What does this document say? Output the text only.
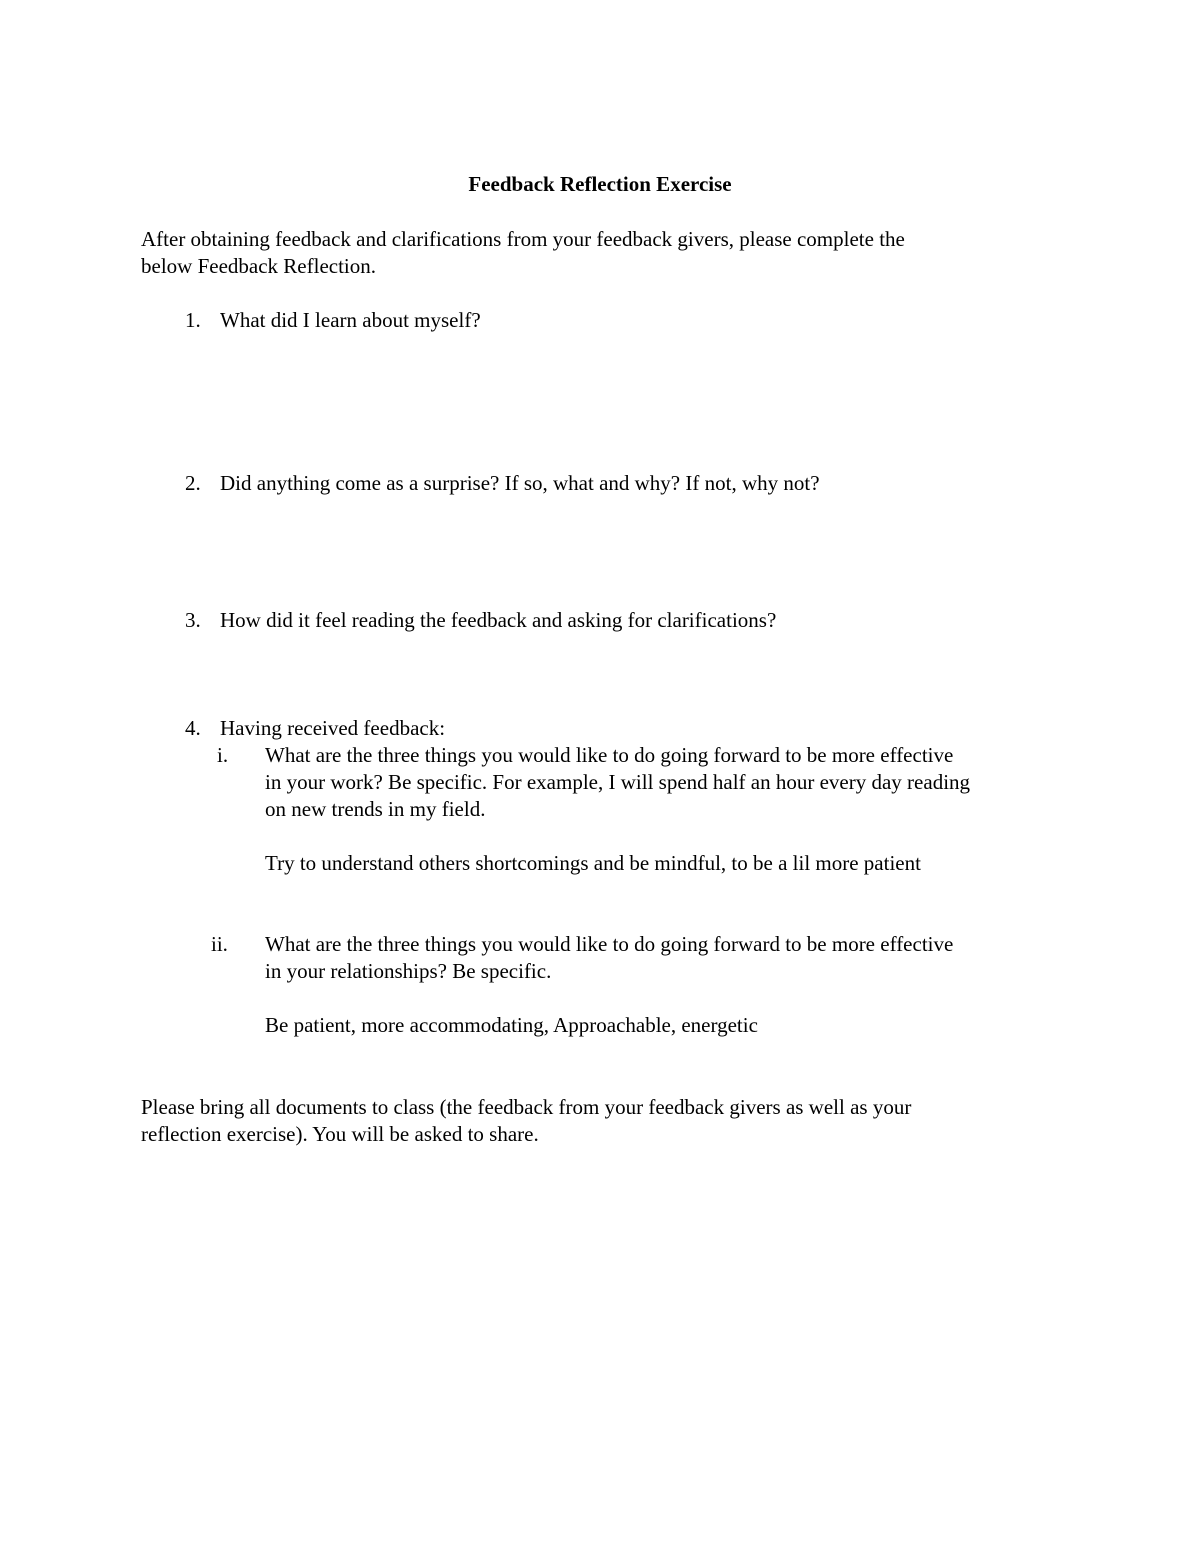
Feedback Reflection Exercise
After obtaining feedback and clarifications from your feedback givers, please complete the
below Feedback Reflection.
1. What did I learn about myself?
2. Did anything come as a surprise? If so, what and why? If not, why not?
3. How did it feel reading the feedback and asking for clarifications?
4. Having received feedback:
i. What are the three things you would like to do going forward to be more effective
in your work? Be specific. For example, I will spend half an hour every day reading
on new trends in my field.
Try to understand others shortcomings and be mindful, to be a lil more patient
ii. What are the three things you would like to do going forward to be more effective
in your relationships? Be specific.
Be patient, more accommodating, Approachable, energetic
Please bring all documents to class (the feedback from your feedback givers as well as your
reflection exercise). You will be asked to share.
